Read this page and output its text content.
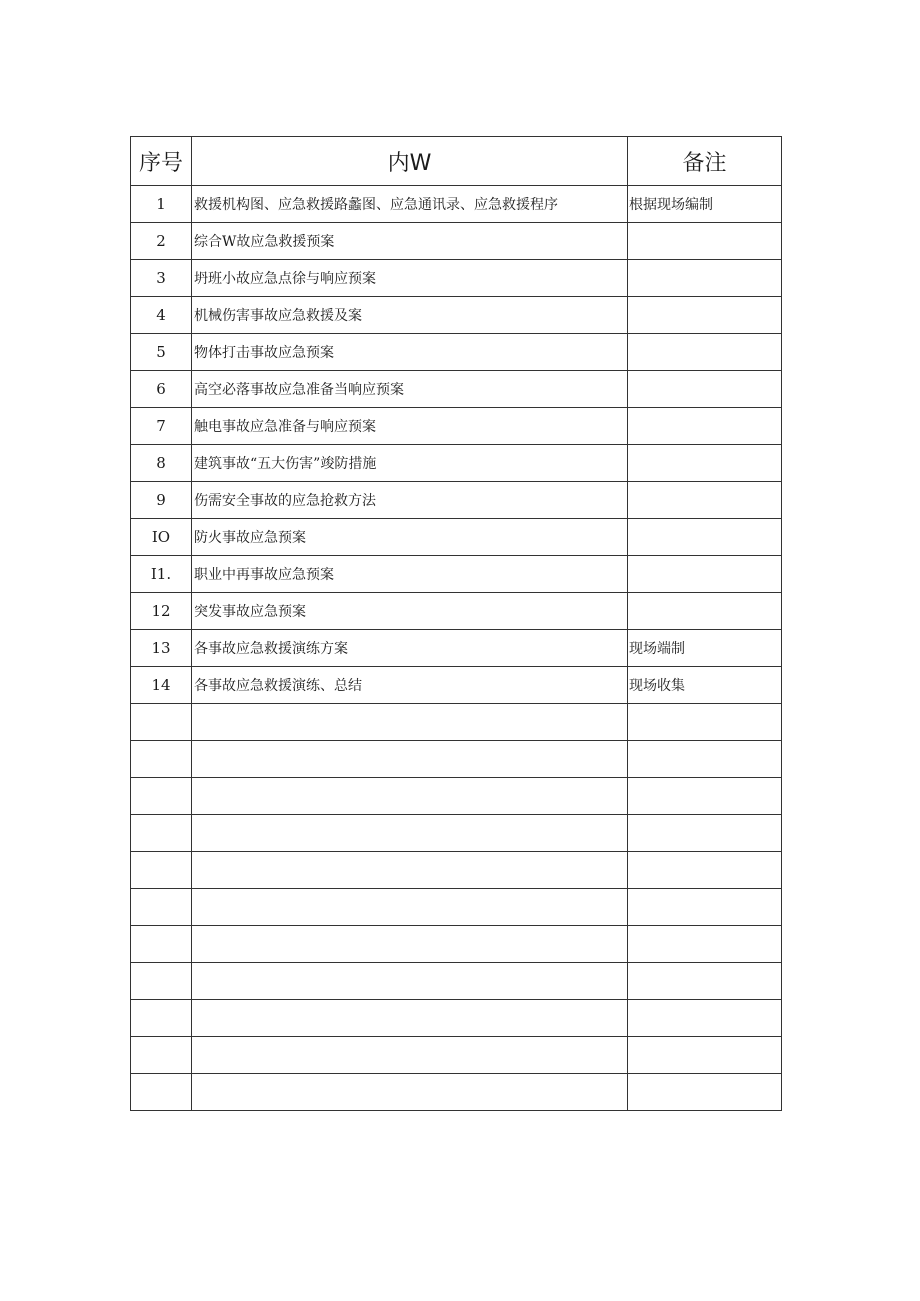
序号	内W	备注
1	救援机构图、应急救援路蠡图、应急通讯录、应急救援程序	根据现场编制
2	综合W故应急救援预案	
3	坍班小故应急点徐与响应预案	
4	机械伤害事故应急救援及案	
5	物体打击事故应急预案	
6	高空必落事故应急准备当响应预案	
7	触电事故应急准备与响应预案	
8	建筑事故“五大伤害”竣防措施	
9	伤需安全事故的应急抢救方法	
IO	防火事故应急预案	
I1.	职业中再事故应急预案	
12	突发事故应急预案	
13	各事故应急救援演练方案	现场端制
14	各事故应急救援演练、总结	现场收集
